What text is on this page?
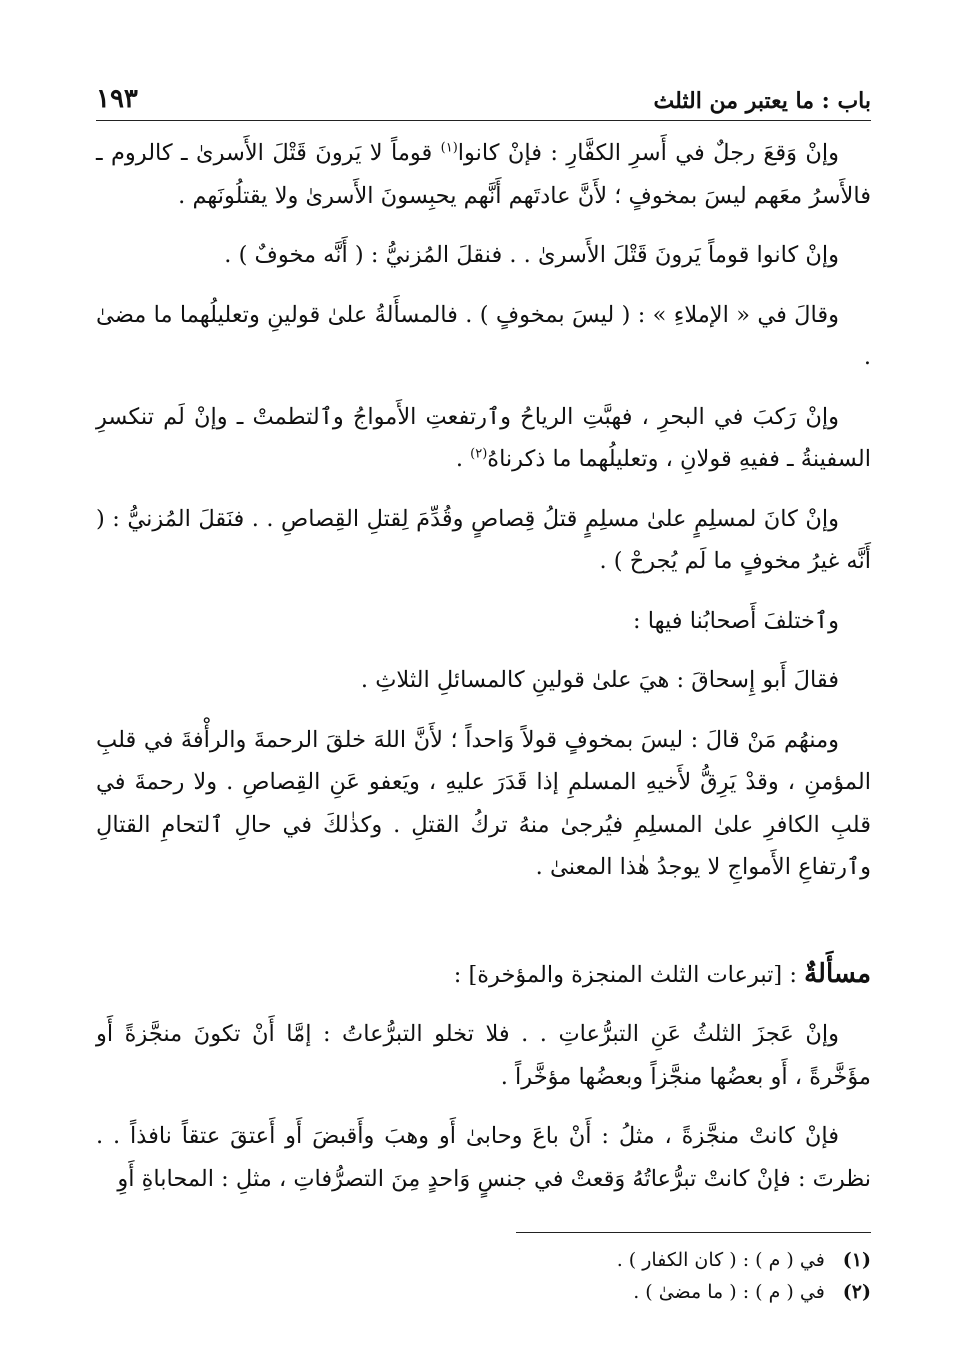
باب : ما يعتبر من الثلث
١٩٣

وإنْ وَقعَ رجلٌ في أَسرِ الكفَّارِ : فإنْ كانوا$^{(١)}$ قوماً لا يَرونَ قَتْلَ الأَسرىٰ ـ كالروم ـ فالأَسرُ معَهم ليسَ بمخوفٍ ؛ لأَنَّ عادتَهم أَنَّهم يحبِسونَ الأَسرىٰ ولا يقتلُونَهم .

وإنْ كانوا قوماً يَرونَ قَتْلَ الأَسرىٰ . . فنقلَ المُزنيُّ : ( أَنَّه مخوفٌ ) .

وقالَ في « الإملاءِ » : ( ليسَ بمخوفٍ ) . فالمسأَلةُ علىٰ قولينِ وتعليلُهما ما مضىٰ .

وإنْ رَكبَ في البحرِ ، فهبَّتِ الرياحُ وٱرتفعتِ الأَمواجُ وٱلتطمتْ ـ وإنْ لَم تنكسرِ السفينةُ ـ ففيهِ قولانِ ، وتعليلُهما ما ذكرناهُ$^{(٢)}$ .

وإنْ كانَ لمسلِمٍ علىٰ مسلِمٍ قتلُ قِصاصٍ وقُدِّمَ لِقتلِ القِصاصِ . . فنَقلَ المُزنيُّ : ( أَنَّه غيرُ مخوفٍ ما لَم يُجرحْ ) .

وٱختلفَ أَصحابُنا فيها :

فقالَ أَبو إِسحاقَ : هيَ علىٰ قولينِ كالمسائلِ الثلاثِ .

ومنهُم مَنْ قالَ : ليسَ بمخوفٍ قولاً وَاحداً ؛ لأَنَّ اللهَ خلقَ الرحمةَ والرأْفةَ في قلبِ المؤمنِ ، وقدْ يَرِقُّ لأَخيهِ المسلمِ إذا قَدَرَ عليهِ ، ويَعفو عَنِ القِصاصِ . ولا رحمةَ في قلبِ الكافرِ علىٰ المسلِمِ فيُرجىٰ منهُ تركُ القتلِ . وكذٰلكَ في حالِ ٱلتحامِ القتالِ وٱرتفاعِ الأَمواجِ لا يوجدُ هٰذا المعنىٰ .

مسأَلةٌ : [تبرعات الثلث المنجزة والمؤخرة] :

وإنْ عَجزَ الثلثُ عَنِ التبرُّعاتِ . . فلا تخلو التبرُّعاتُ : إمَّا أَنْ تكونَ منجَّزةً أَو مؤَخَّرةً ، أَو بعضُها منجَّزاً وبعضُها مؤخَّراً .

فإنْ كانتْ منجَّزةً ، مثلُ : أَنْ باعَ وحابىٰ أَو وهبَ وأَقبضَ أَو أَعتقَ عتقاً نافذاً . . نظرتَ : فإنْ كانتْ تبرُّعاتُهُ وَقعتْ في جنسٍ وَاحدٍ مِنَ التصرُّفاتِ ، مثلِ : المحاباةِ أَوِ

(١)
في ( م ) : ( كان الكفار ) .
(٢)
في ( م ) : ( ما مضىٰ ) .
